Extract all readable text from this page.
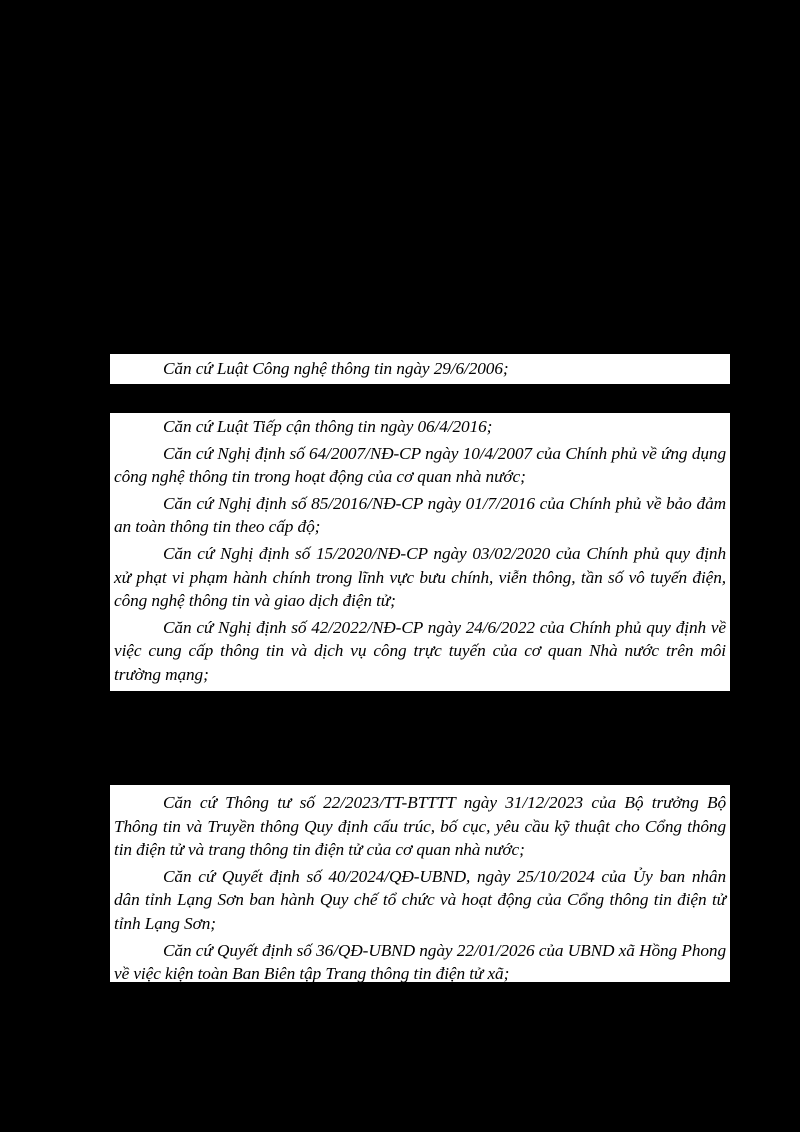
Căn cứ Luật Công nghệ thông tin ngày 29/6/2006;

Căn cứ Luật Tiếp cận thông tin ngày 06/4/2016;

Căn cứ Nghị định số 64/2007/NĐ-CP ngày 10/4/2007 của Chính phủ về ứng dụng công nghệ thông tin trong hoạt động của cơ quan nhà nước;

Căn cứ Nghị định số 85/2016/NĐ-CP ngày 01/7/2016 của Chính phủ về bảo đảm an toàn thông tin theo cấp độ;

Căn cứ Nghị định số 15/2020/NĐ-CP ngày 03/02/2020 của Chính phủ quy định xử phạt vi phạm hành chính trong lĩnh vực bưu chính, viễn thông, tần số vô tuyến điện, công nghệ thông tin và giao dịch điện tử;

Căn cứ Nghị định số 42/2022/NĐ-CP ngày 24/6/2022 của Chính phủ quy định về việc cung cấp thông tin và dịch vụ công trực tuyến của cơ quan Nhà nước trên môi trường mạng;

Căn cứ Thông tư số 22/2023/TT-BTTTT ngày 31/12/2023 của Bộ trưởng Bộ Thông tin và Truyền thông Quy định cấu trúc, bố cục, yêu cầu kỹ thuật cho Cổng thông tin điện tử và trang thông tin điện tử của cơ quan nhà nước;

Căn cứ Quyết định số 40/2024/QĐ-UBND, ngày 25/10/2024 của Ủy ban nhân dân tỉnh Lạng Sơn ban hành Quy chế tổ chức và hoạt động của Cổng thông tin điện tử tỉnh Lạng Sơn;

Căn cứ Quyết định số 36/QĐ-UBND ngày 22/01/2026 của UBND xã Hồng Phong về việc kiện toàn Ban Biên tập Trang thông tin điện tử xã;
